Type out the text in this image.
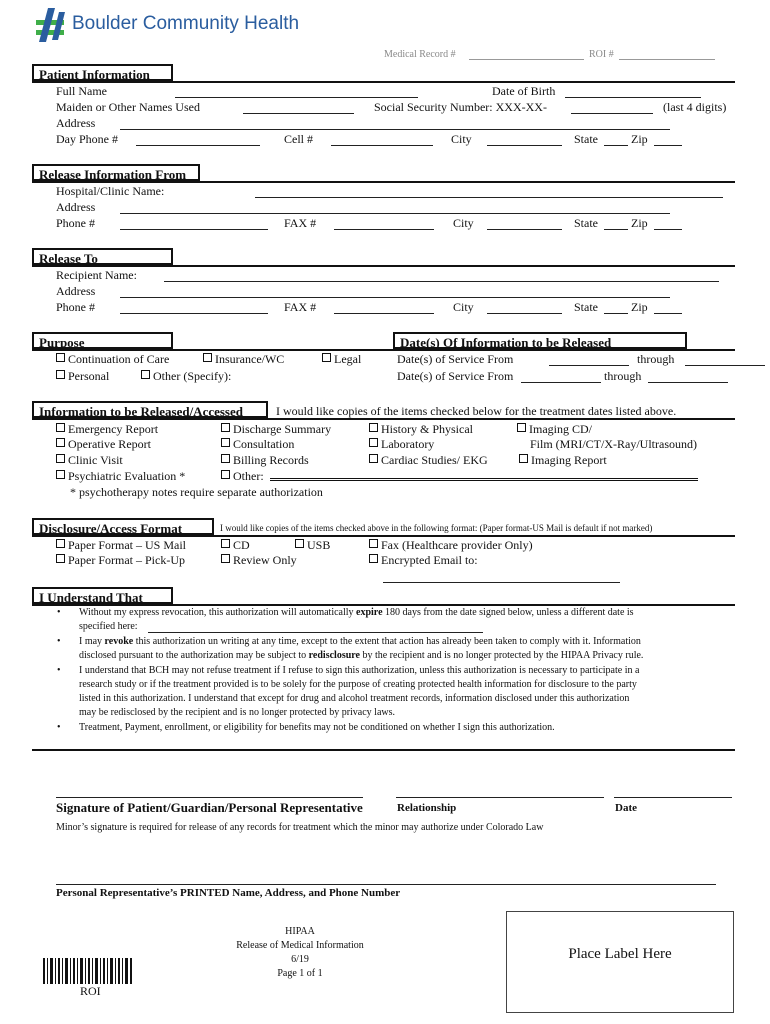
Boulder Community Health
Medical Record #	ROI #
Patient Information
Full Name	Date of Birth
Maiden or Other Names Used	Social Security Number: XXX-XX-	(last 4 digits)
Address
Day Phone #	Cell #	City	State	Zip
Release Information From
Hospital/Clinic Name:
Address
Phone #	FAX #	City	State	Zip
Release To
Recipient Name:
Address
Phone #	FAX #	City	State	Zip
Purpose	Date(s) Of Information to be Released
Continuation of Care	Insurance/WC	Legal
Personal	Other (Specify):
Date(s) of Service From	through
Date(s) of Service From	through
Information to be Released/Accessed	I would like copies of the items checked below for the treatment dates listed above.
Emergency Report	Discharge Summary	History & Physical	Imaging CD/
Operative Report	Consultation	Laboratory	Film (MRI/CT/X-Ray/Ultrasound)
Clinic Visit	Billing Records	Cardiac Studies/ EKG	Imaging Report
Psychiatric Evaluation *	Other:
* psychotherapy notes require separate authorization
Disclosure/Access Format	I would like copies of the items checked above in the following format: (Paper format-US Mail is default if not marked)
Paper Format – US Mail	CD	USB	Fax (Healthcare provider Only)
Paper Format – Pick-Up	Review Only	Encrypted Email to:
I Understand That
• Without my express revocation, this authorization will automatically expire 180 days from the date signed below, unless a different date is
specified here:
• I may revoke this authorization un writing at any time, except to the extent that action has already been taken to comply with it. Information
disclosed pursuant to the authorization may be subject to redisclosure by the recipient and is no longer protected by the HIPAA Privacy rule.
• I understand that BCH may not refuse treatment if I refuse to sign this authorization, unless this authorization is necessary to participate in a
research study or if the treatment provided is to be solely for the purpose of creating protected health information for disclosure to the party
listed in this authorization. I understand that except for drug and alcohol treatment records, information disclosed under this authorization
may be redisclosed by the recipient and is no longer protected by privacy laws.
• Treatment, Payment, enrollment, or eligibility for benefits may not be conditioned on whether I sign this authorization.
Signature of Patient/Guardian/Personal Representative	Relationship	Date
Minor’s signature is required for release of any records for treatment which the minor may authorize under Colorado Law
Personal Representative’s PRINTED Name, Address, and Phone Number
HIPAA
Release of Medical Information
6/19
Page 1 of 1
ROI
Place Label Here
